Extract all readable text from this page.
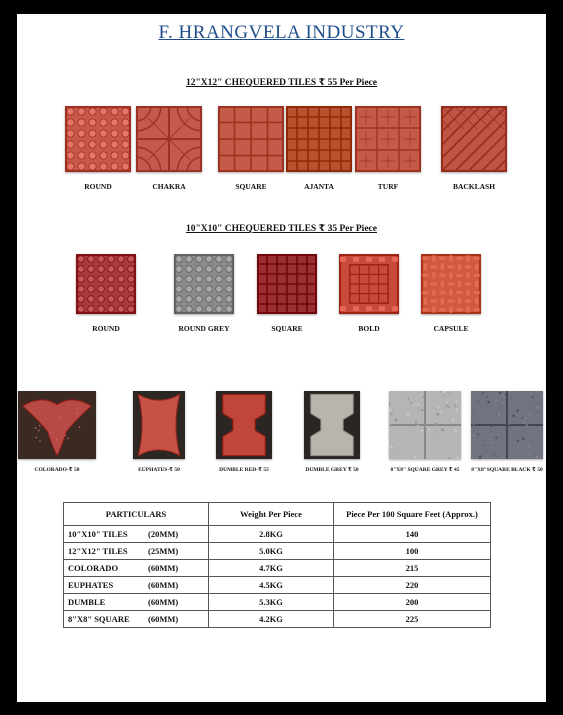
F. HRANGVELA INDUSTRY
12"X12" CHEQUERED TILES ₹ 55 Per Piece
ROUND	CHAKRA	SQUARE	AJANTA	TURF	BACKLASH
10"X10" CHEQUERED TILES ₹ 35 Per Piece
ROUND	ROUND GREY	SQUARE	BOLD	CAPSULE
COLORADO-₹ 50	EUPHATES-₹ 50	DUMBLE RED-₹ 55	DUMBLE GREY ₹ 50	8"X8" SQUARE GREY ₹ 45	8"X8"SQUARE BLACK ₹ 50
PARTICULARS	Weight Per Piece	Piece Per 100 Square Feet (Approx.)
10"X10" TILES (20MM)	2.8KG	140
12"X12" TILES (25MM)	5.0KG	100
COLORADO (60MM)	4.7KG	215
EUPHATES (60MM)	4.5KG	220
DUMBLE (60MM)	5.3KG	200
8"X8" SQUARE (60MM)	4.2KG	225
